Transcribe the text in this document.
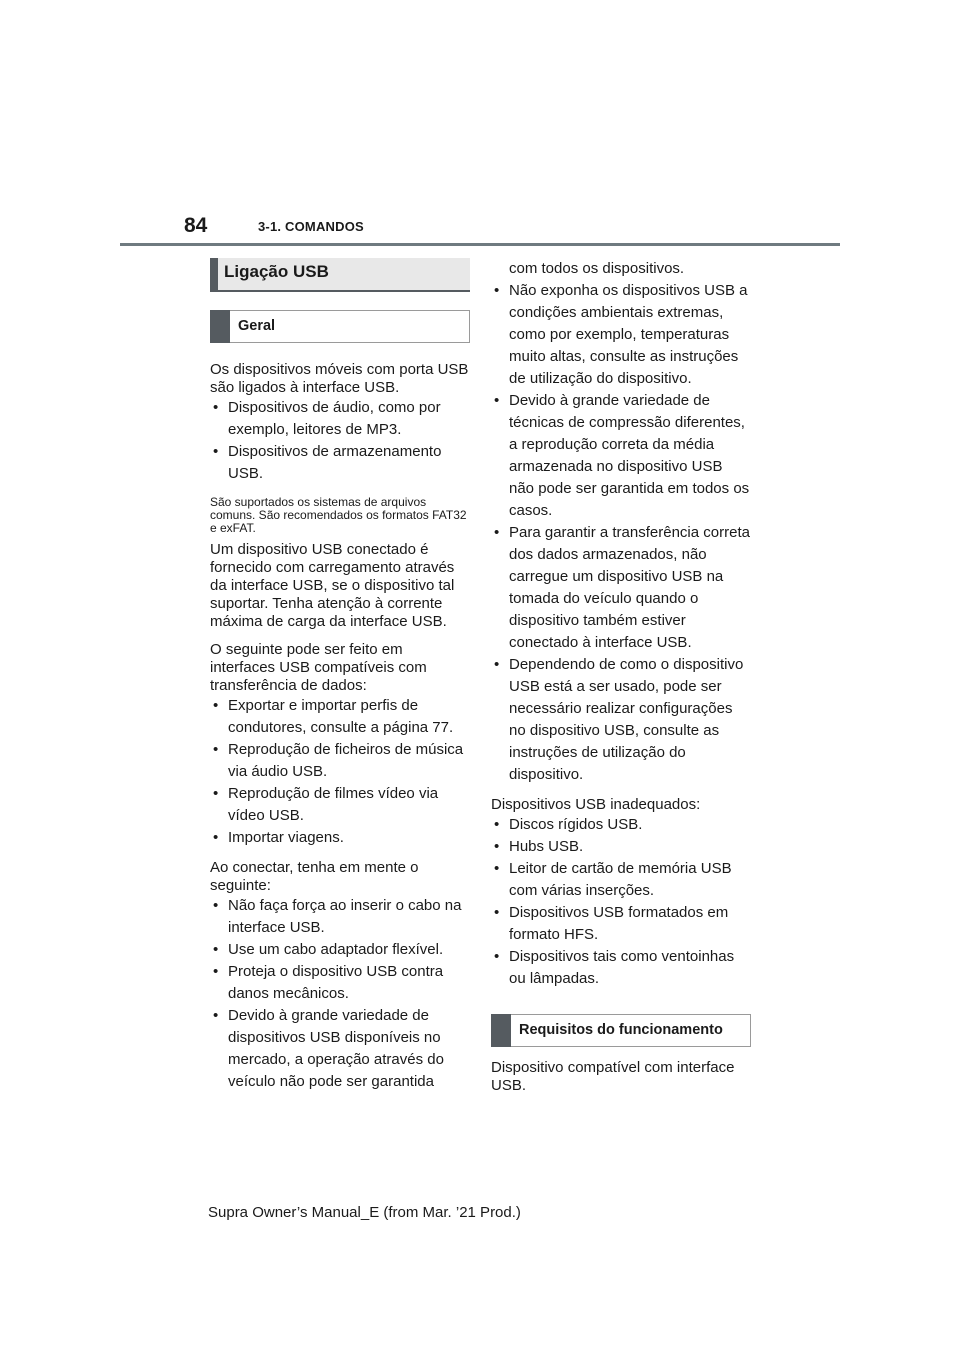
84	3-1. COMANDOS
Ligação USB
Geral

Os dispositivos móveis com porta USB são ligados à interface USB.

• Dispositivos de áudio, como por exemplo, leitores de MP3.
• Dispositivos de armazenamento USB.

São suportados os sistemas de arquivos comuns. São recomendados os formatos FAT32 e exFAT.

Um dispositivo USB conectado é fornecido com carregamento através da interface USB, se o dispositivo tal suportar. Tenha atenção à corrente máxima de carga da interface USB.

O seguinte pode ser feito em interfaces USB compatíveis com transferência de dados:

• Exportar e importar perfis de condutores, consulte a página 77.
• Reprodução de ficheiros de música via áudio USB.
• Reprodução de filmes vídeo via vídeo USB.
• Importar viagens.

Ao conectar, tenha em mente o seguinte:

• Não faça força ao inserir o cabo na interface USB.
• Use um cabo adaptador flexível.
• Proteja o dispositivo USB contra danos mecânicos.
• Devido à grande variedade de dispositivos USB disponíveis no mercado, a operação através do veículo não pode ser garantida
com todos os dispositivos.
• Não exponha os dispositivos USB a condições ambientais extremas, como por exemplo, temperaturas muito altas, consulte as instruções de utilização do dispositivo.
• Devido à grande variedade de técnicas de compressão diferentes, a reprodução correta da média armazenada no dispositivo USB não pode ser garantida em todos os casos.
• Para garantir a transferência correta dos dados armazenados, não carregue um dispositivo USB na tomada do veículo quando o dispositivo também estiver conectado à interface USB.
• Dependendo de como o dispositivo USB está a ser usado, pode ser necessário realizar configurações no dispositivo USB, consulte as instruções de utilização do dispositivo.

Dispositivos USB inadequados:

• Discos rígidos USB.
• Hubs USB.
• Leitor de cartão de memória USB com várias inserções.
• Dispositivos USB formatados em formato HFS.
• Dispositivos tais como ventoinhas ou lâmpadas.
Requisitos do funcionamento

Dispositivo compatível com interface USB.

Supra Owner’s Manual_E (from Mar. ’21 Prod.)
